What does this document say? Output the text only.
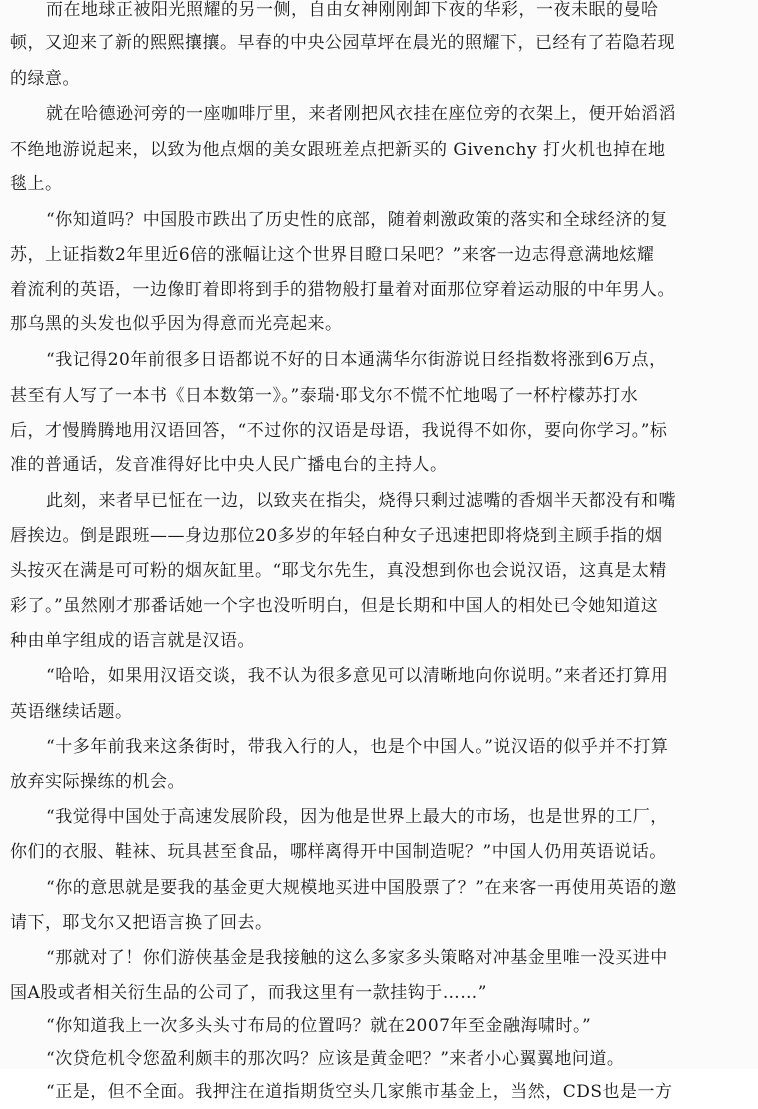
而在地球正被阳光照耀的另一侧，自由女神刚刚卸下夜的华彩，一夜未眠的曼哈
顿，又迎来了新的熙熙攘攘。早春的中央公园草坪在晨光的照耀下，已经有了若隐若现
的绿意。
就在哈德逊河旁的一座咖啡厅里，来者刚把风衣挂在座位旁的衣架上，便开始滔滔
不绝地游说起来，以致为他点烟的美女跟班差点把新买的 Givenchy 打火机也掉在地
毯上。
“你知道吗？中国股市跌出了历史性的底部，随着刺激政策的落实和全球经济的复
苏，上证指数2年里近6倍的涨幅让这个世界目瞪口呆吧？”来客一边志得意满地炫耀
着流利的英语，一边像盯着即将到手的猎物般打量着对面那位穿着运动服的中年男人。
那乌黑的头发也似乎因为得意而光亮起来。
“我记得20年前很多日语都说不好的日本通满华尔街游说日经指数将涨到6万点，
甚至有人写了一本书《日本数第一》。”泰瑞·耶戈尔不慌不忙地喝了一杯柠檬苏打水
后，才慢腾腾地用汉语回答，“不过你的汉语是母语，我说得不如你，要向你学习。”标
准的普通话，发音准得好比中央人民广播电台的主持人。
此刻，来者早已怔在一边，以致夹在指尖，烧得只剩过滤嘴的香烟半天都没有和嘴
唇挨边。倒是跟班——身边那位20多岁的年轻白种女子迅速把即将烧到主顾手指的烟
头按灭在满是可可粉的烟灰缸里。“耶戈尔先生，真没想到你也会说汉语，这真是太精
彩了。”虽然刚才那番话她一个字也没听明白，但是长期和中国人的相处已令她知道这
种由单字组成的语言就是汉语。
“哈哈，如果用汉语交谈，我不认为很多意见可以清晰地向你说明。”来者还打算用
英语继续话题。
“十多年前我来这条街时，带我入行的人，也是个中国人。”说汉语的似乎并不打算
放弃实际操练的机会。
“我觉得中国处于高速发展阶段，因为他是世界上最大的市场，也是世界的工厂，
你们的衣服、鞋袜、玩具甚至食品，哪样离得开中国制造呢？”中国人仍用英语说话。
“你的意思就是要我的基金更大规模地买进中国股票了？”在来客一再使用英语的邀
请下，耶戈尔又把语言换了回去。
“那就对了！你们游侠基金是我接触的这么多家多头策略对冲基金里唯一没买进中
国A股或者相关衍生品的公司了，而我这里有一款挂钩于……”
“你知道我上一次多头头寸布局的位置吗？就在2007年至金融海啸时。”
“次贷危机令您盈利颇丰的那次吗？应该是黄金吧？”来者小心翼翼地问道。
“正是，但不全面。我押注在道指期货空头几家熊市基金上，当然，CDS也是一方
